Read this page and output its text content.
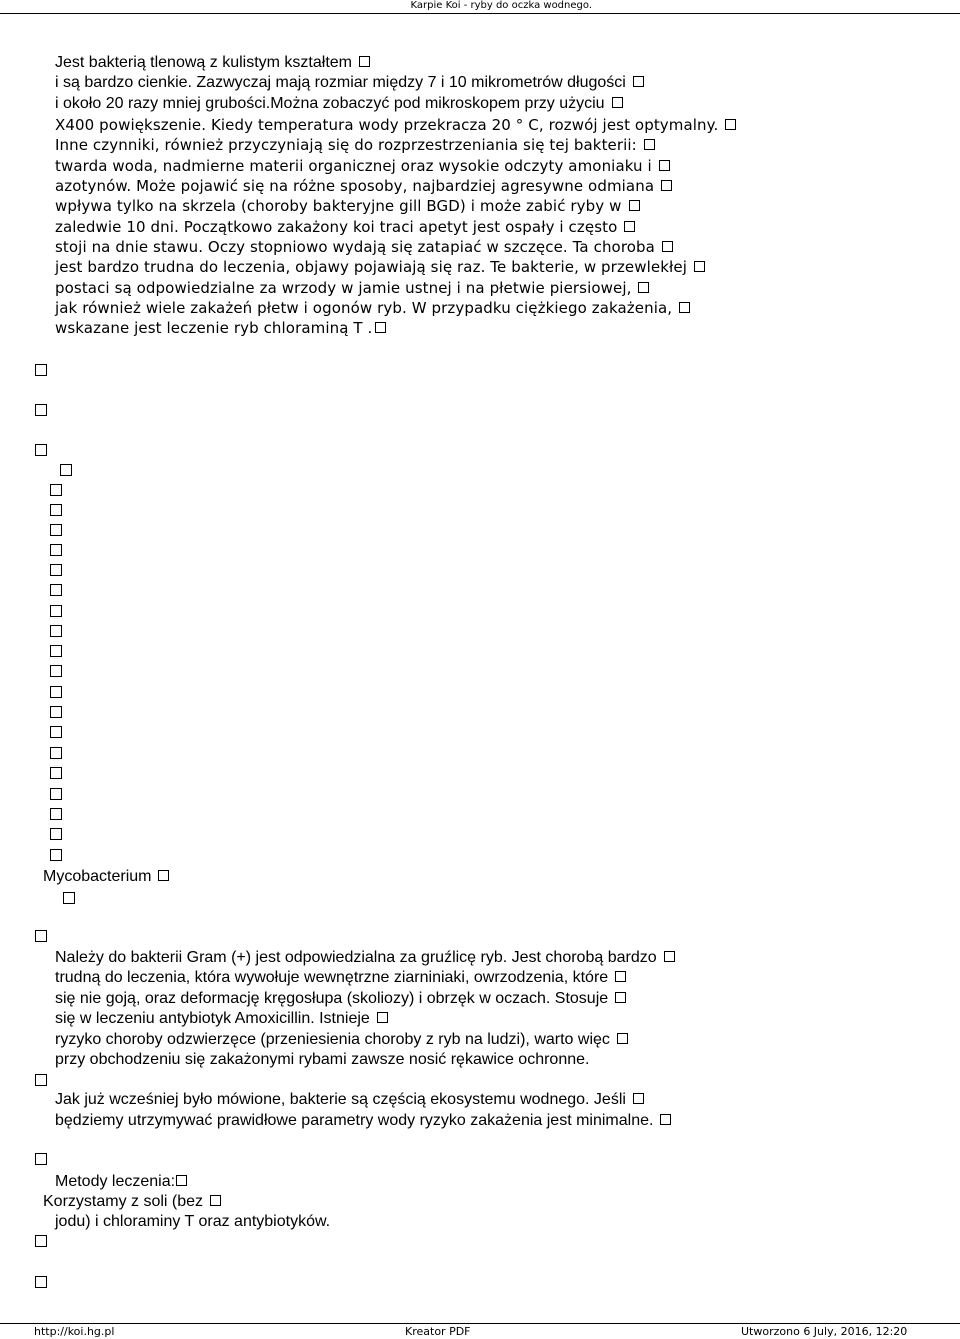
Karpie Koi - ryby do oczka wodnego.
Jest bakterią tlenową z kulistym kształtem
i są bardzo cienkie. Zazwyczaj mają rozmiar między 7 i 10 mikrometrów długości
i około 20 razy mniej grubości.Można zobaczyć pod mikroskopem przy użyciu
X400 powiększenie. Kiedy temperatura wody przekracza 20 ° C, rozwój jest optymalny.
Inne czynniki, również przyczyniają się do rozprzestrzeniania się tej bakterii:
twarda woda, nadmierne materii organicznej oraz wysokie odczyty amoniaku i
azotynów. Może pojawić się na różne sposoby, najbardziej agresywne odmiana
wpływa tylko na skrzela (choroby bakteryjne gill BGD) i może zabić ryby w
zaledwie 10 dni. Początkowo zakażony koi traci apetyt jest ospały i często
stoji na dnie stawu. Oczy stopniowo wydają się zatapiać w szczęce. Ta choroba
jest bardzo trudna do leczenia, objawy pojawiają się raz. Te bakterie, w przewlekłej
postaci są odpowiedzialne za wrzody w jamie ustnej i na płetwie piersiowej,
jak również wiele zakażeń płetw i ogonów ryb. W przypadku ciężkiego zakażenia,
wskazane jest leczenie ryb chloraminą T .
Mycobacterium
Należy do bakterii Gram (+) jest odpowiedzialna za gruźlicę ryb. Jest chorobą bardzo
trudną do leczenia, która wywołuje wewnętrzne ziarniniaki, owrzodzenia, które
się nie goją, oraz deformację kręgosłupa (skoliozy) i obrzęk w oczach. Stosuje
się w leczeniu antybiotyk Amoxicillin. Istnieje
ryzyko choroby odzwierzęce (przeniesienia choroby z ryb na ludzi), warto więc
przy obchodzeniu się zakażonymi rybami zawsze nosić rękawice ochronne.
Jak już wcześniej było mówione, bakterie są częścią ekosystemu wodnego. Jeśli
będziemy utrzymywać prawidłowe parametry wody ryzyko zakażenia jest minimalne.
Metody leczenia:
Korzystamy z soli (bez
jodu) i chloraminy T oraz antybiotyków.
http://koi.hg.pl	Kreator PDF	Utworzono 6 July, 2016, 12:20
